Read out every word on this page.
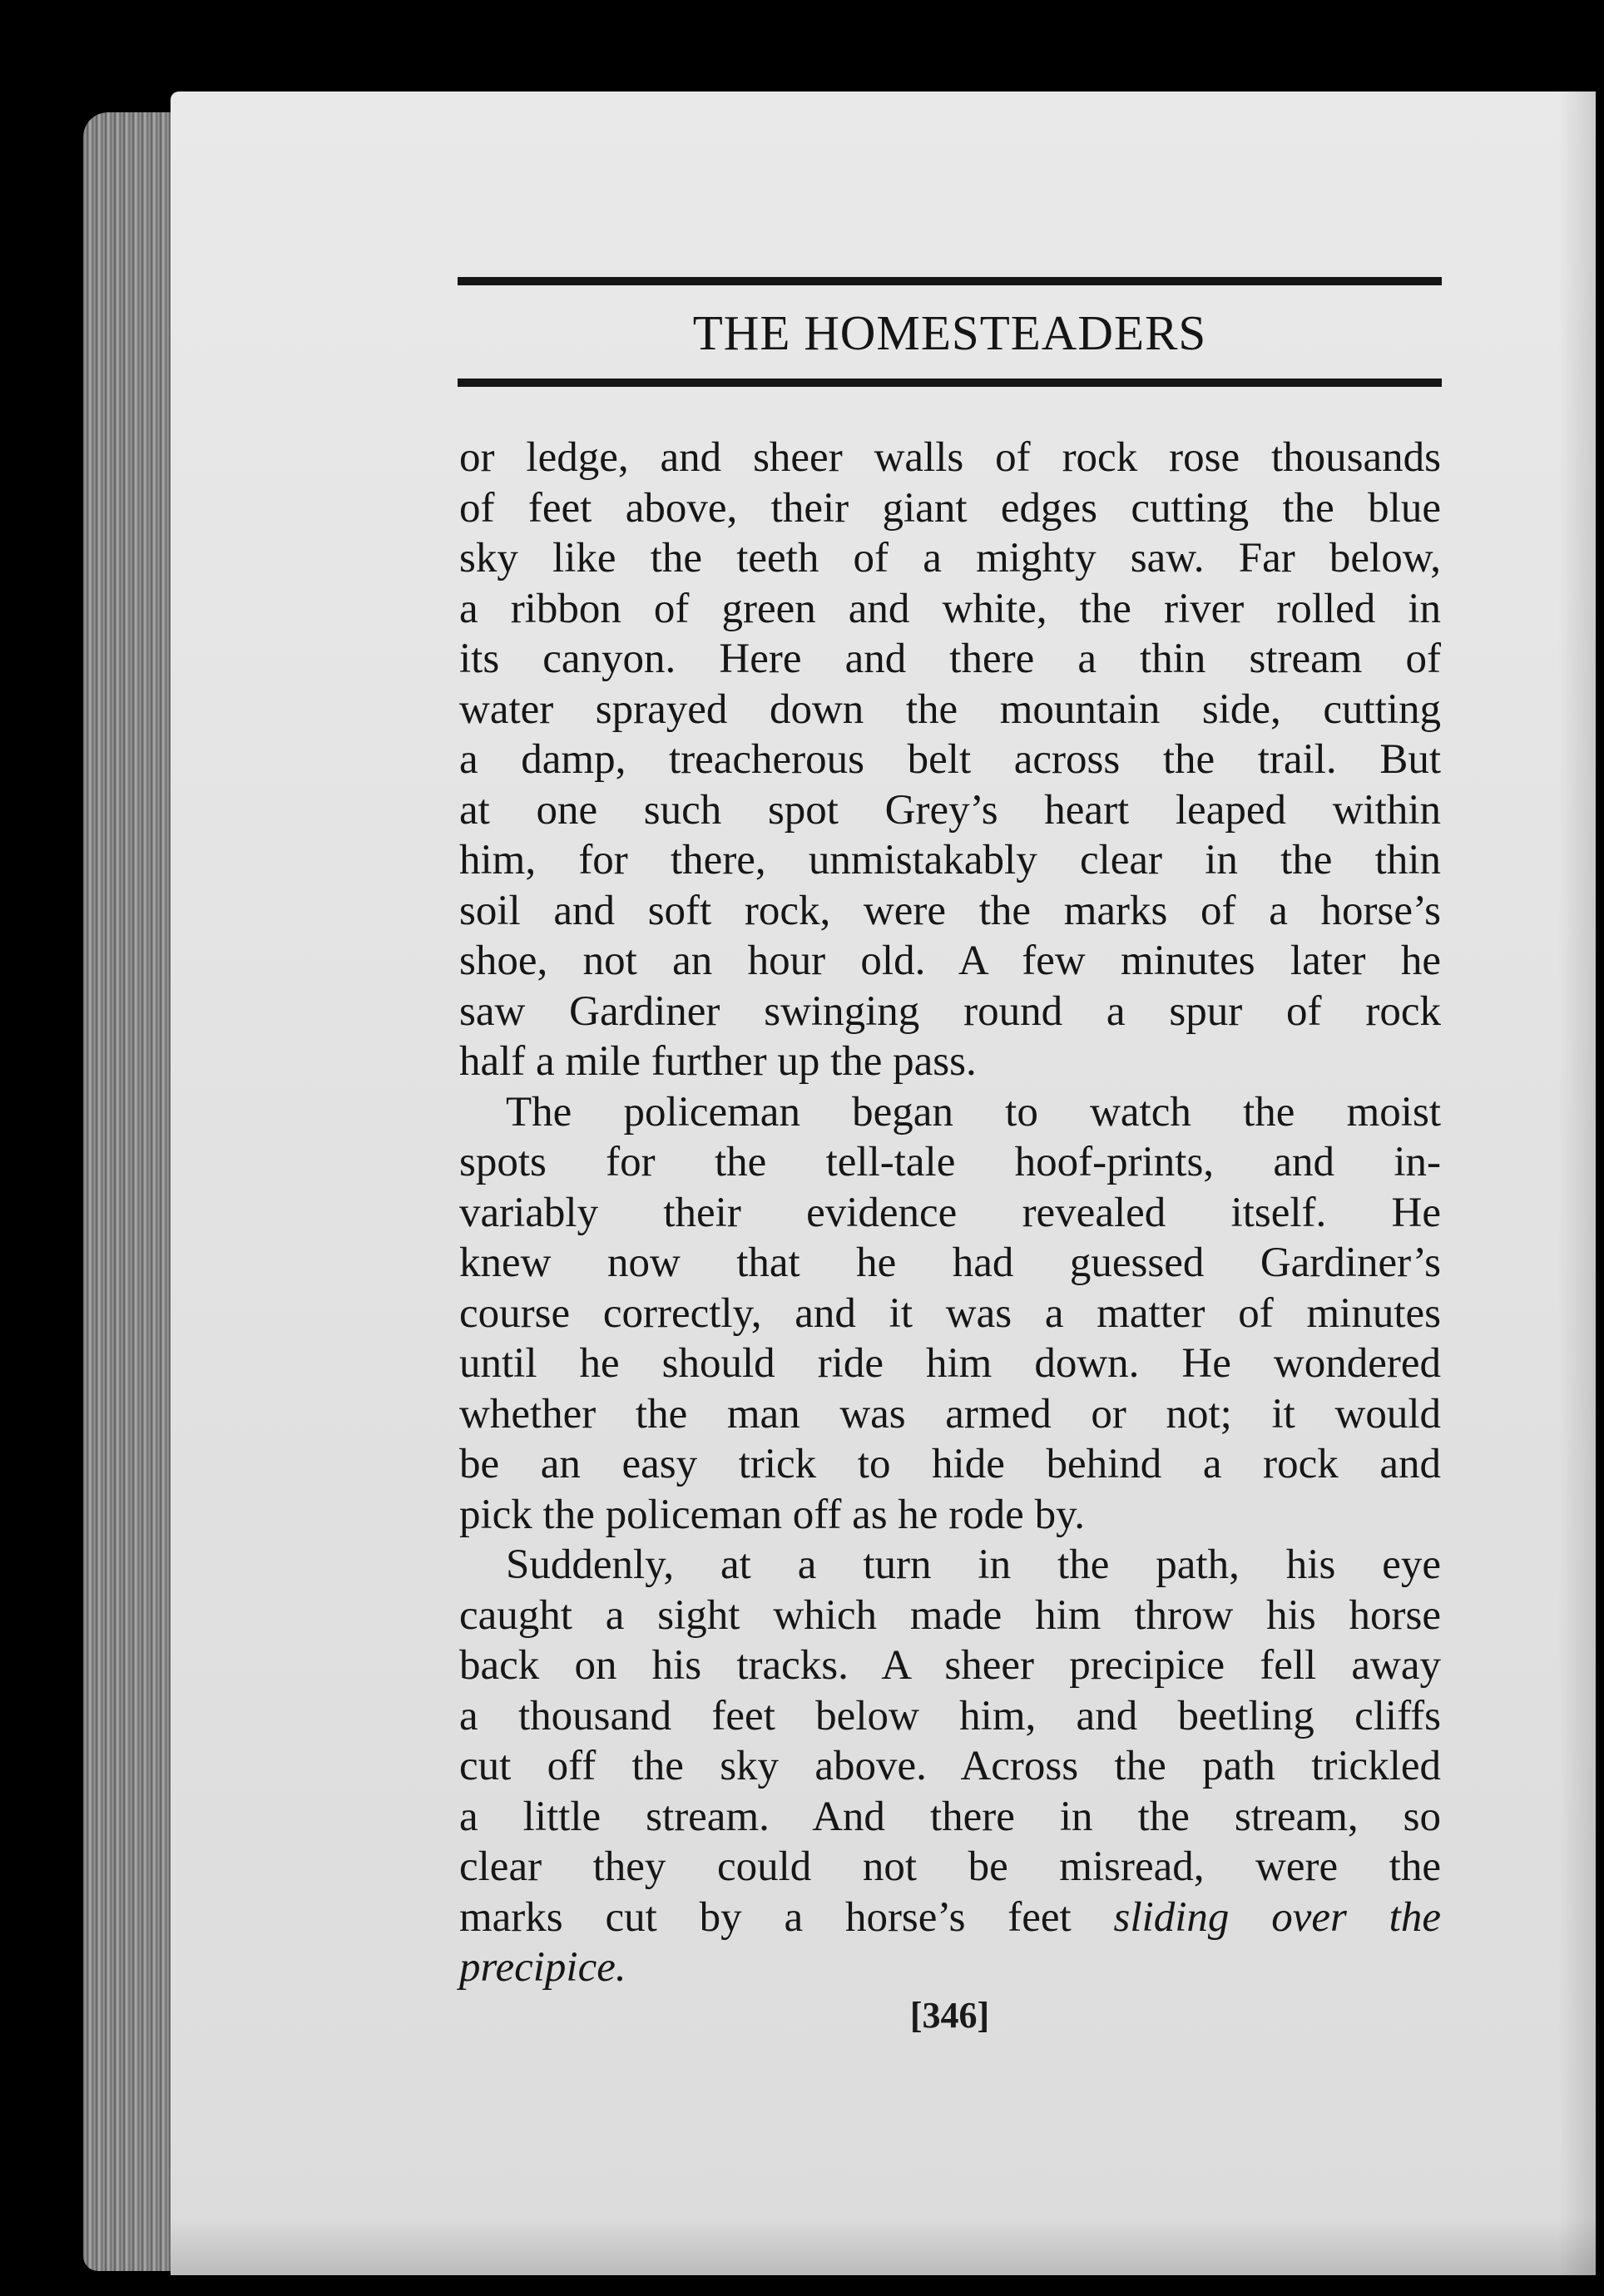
THE HOMESTEADERS
or ledge, and sheer walls of rock rose thousands
of feet above, their giant edges cutting the blue
sky like the teeth of a mighty saw. Far below,
a ribbon of green and white, the river rolled in
its canyon. Here and there a thin stream of
water sprayed down the mountain side, cutting
a damp, treacherous belt across the trail. But
at one such spot Grey’s heart leaped within
him, for there, unmistakably clear in the thin
soil and soft rock, were the marks of a horse’s
shoe, not an hour old. A few minutes later he
saw Gardiner swinging round a spur of rock
half a mile further up the pass.
The policeman began to watch the moist
spots for the tell-tale hoof-prints, and in-
variably their evidence revealed itself. He
knew now that he had guessed Gardiner’s
course correctly, and it was a matter of minutes
until he should ride him down. He wondered
whether the man was armed or not; it would
be an easy trick to hide behind a rock and
pick the policeman off as he rode by.
Suddenly, at a turn in the path, his eye
caught a sight which made him throw his horse
back on his tracks. A sheer precipice fell away
a thousand feet below him, and beetling cliffs
cut off the sky above. Across the path trickled
a little stream. And there in the stream, so
clear they could not be misread, were the
marks cut by a horse’s feet sliding over the
precipice.
[346]
